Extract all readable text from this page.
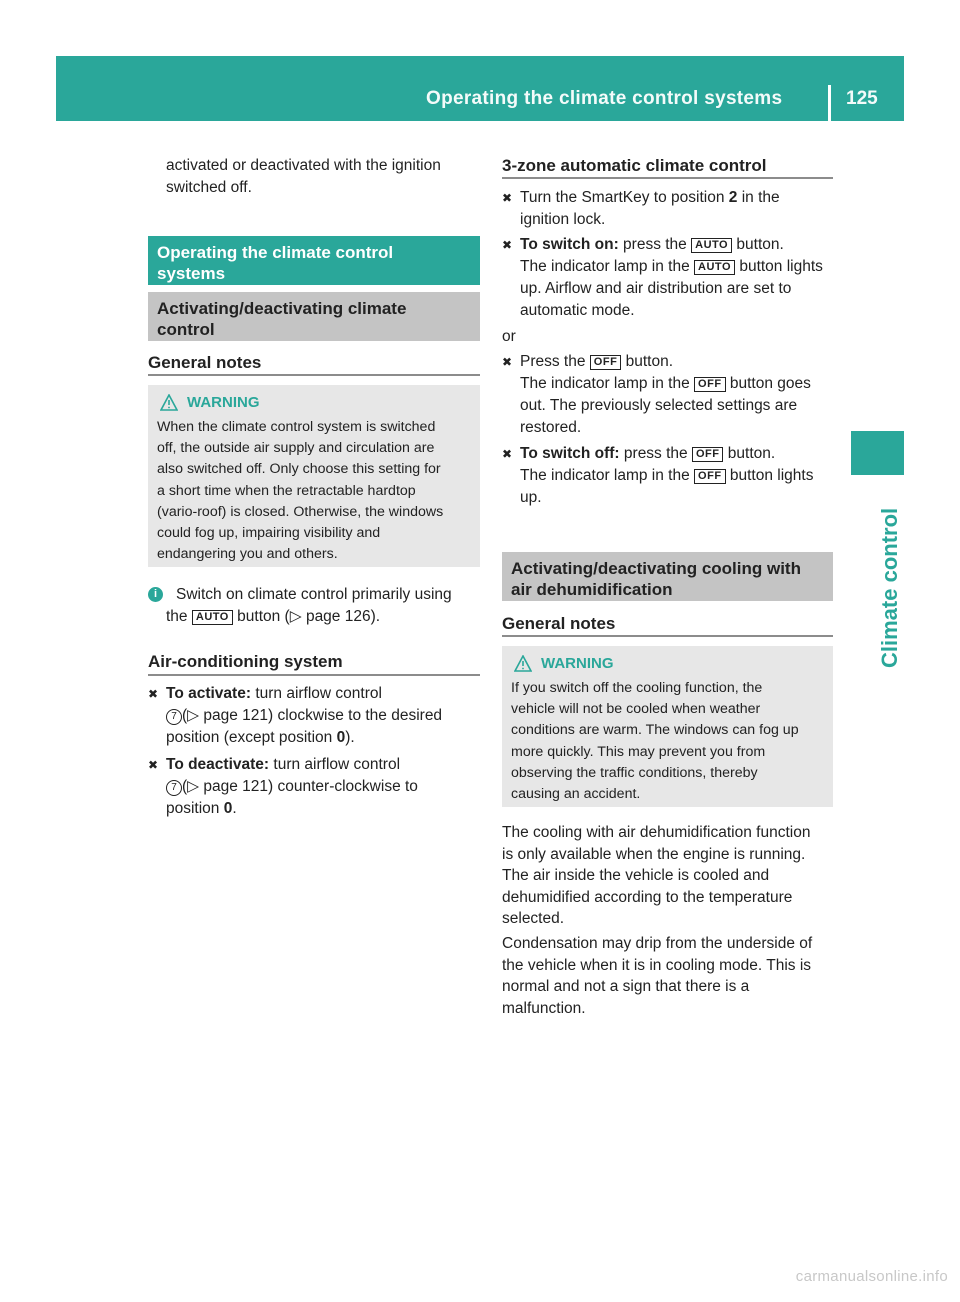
Operating the climate control systems	125
Climate control

activated or deactivated with the ignition

switched off.

Operating the climate control
systems
Activating/deactivating climate
control
General notes
WARNING
When the climate control system is switched
off, the outside air supply and circulation are
also switched off. Only choose this setting for
a short time when the retractable hardtop
(vario-roof) is closed. Otherwise, the windows
could fog up, impairing visibility and
endangering you and others.
i	Switch on climate control primarily using

the AUTO button (▷ page 126).

Air-conditioning system
✖ To activate: turn airflow control
7 (▷ page 121) clockwise to the desired
position (except position 0).
✖ To deactivate: turn airflow control
7 (▷ page 121) counter-clockwise to
position 0.
3-zone automatic climate control
✖ Turn the SmartKey to position 2 in the
ignition lock.
✖ To switch on: press the AUTO button.
The indicator lamp in the AUTO button lights
up. Airflow and air distribution are set to
automatic mode.

or

✖ Press the OFF button.
The indicator lamp in the OFF button goes
out. The previously selected settings are
restored.
✖ To switch off: press the OFF button.
The indicator lamp in the OFF button lights
up.
Activating/deactivating cooling with
air dehumidification
General notes
WARNING
If you switch off the cooling function, the
vehicle will not be cooled when weather
conditions are warm. The windows can fog up
more quickly. This may prevent you from
observing the traffic conditions, thereby
causing an accident.
The cooling with air dehumidification function
is only available when the engine is running.
The air inside the vehicle is cooled and
dehumidified according to the temperature
selected.
Condensation may drip from the underside of
the vehicle when it is in cooling mode. This is
normal and not a sign that there is a
malfunction.
carmanualsonline.info
